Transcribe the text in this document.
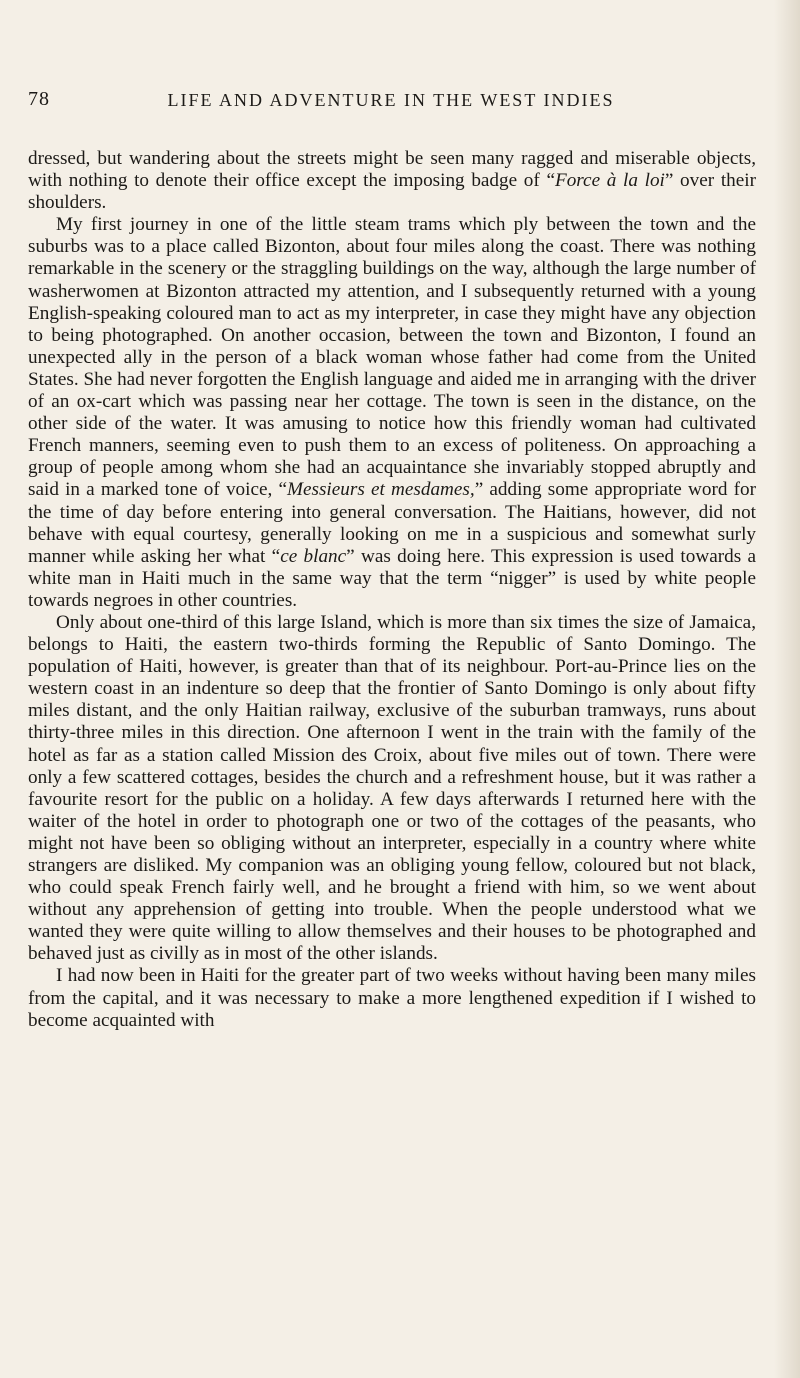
78	LIFE AND ADVENTURE IN THE WEST INDIES

dressed, but wandering about the streets might be seen many ragged and miserable objects, with nothing to denote their office except the imposing badge of “Force à la loi” over their shoulders.

My first journey in one of the little steam trams which ply between the town and the suburbs was to a place called Bizonton, about four miles along the coast. There was nothing remarkable in the scenery or the straggling buildings on the way, although the large number of washerwomen at Bizonton attracted my attention, and I subsequently returned with a young English-speaking coloured man to act as my interpreter, in case they might have any objection to being photographed. On another occasion, between the town and Bizonton, I found an unexpected ally in the person of a black woman whose father had come from the United States. She had never forgotten the English language and aided me in arranging with the driver of an ox-cart which was passing near her cottage. The town is seen in the distance, on the other side of the water. It was amusing to notice how this friendly woman had cultivated French manners, seeming even to push them to an excess of politeness. On approaching a group of people among whom she had an acquaintance she invariably stopped abruptly and said in a marked tone of voice, “Messieurs et mesdames,” adding some appropriate word for the time of day before entering into general conversation. The Haitians, however, did not behave with equal courtesy, generally looking on me in a suspicious and somewhat surly manner while asking her what “ce blanc” was doing here. This expression is used towards a white man in Haiti much in the same way that the term “nigger” is used by white people towards negroes in other countries.

Only about one-third of this large Island, which is more than six times the size of Jamaica, belongs to Haiti, the eastern two-thirds forming the Republic of Santo Domingo. The population of Haiti, however, is greater than that of its neighbour. Port-au-Prince lies on the western coast in an indenture so deep that the frontier of Santo Domingo is only about fifty miles distant, and the only Haitian railway, exclusive of the suburban tramways, runs about thirty-three miles in this direction. One afternoon I went in the train with the family of the hotel as far as a station called Mission des Croix, about five miles out of town. There were only a few scattered cottages, besides the church and a refreshment house, but it was rather a favourite resort for the public on a holiday. A few days afterwards I returned here with the waiter of the hotel in order to photograph one or two of the cottages of the peasants, who might not have been so obliging without an interpreter, especially in a country where white strangers are disliked. My companion was an obliging young fellow, coloured but not black, who could speak French fairly well, and he brought a friend with him, so we went about without any apprehension of getting into trouble. When the people understood what we wanted they were quite willing to allow themselves and their houses to be photographed and behaved just as civilly as in most of the other islands.

I had now been in Haiti for the greater part of two weeks without having been many miles from the capital, and it was necessary to make a more lengthened expedition if I wished to become acquainted with
